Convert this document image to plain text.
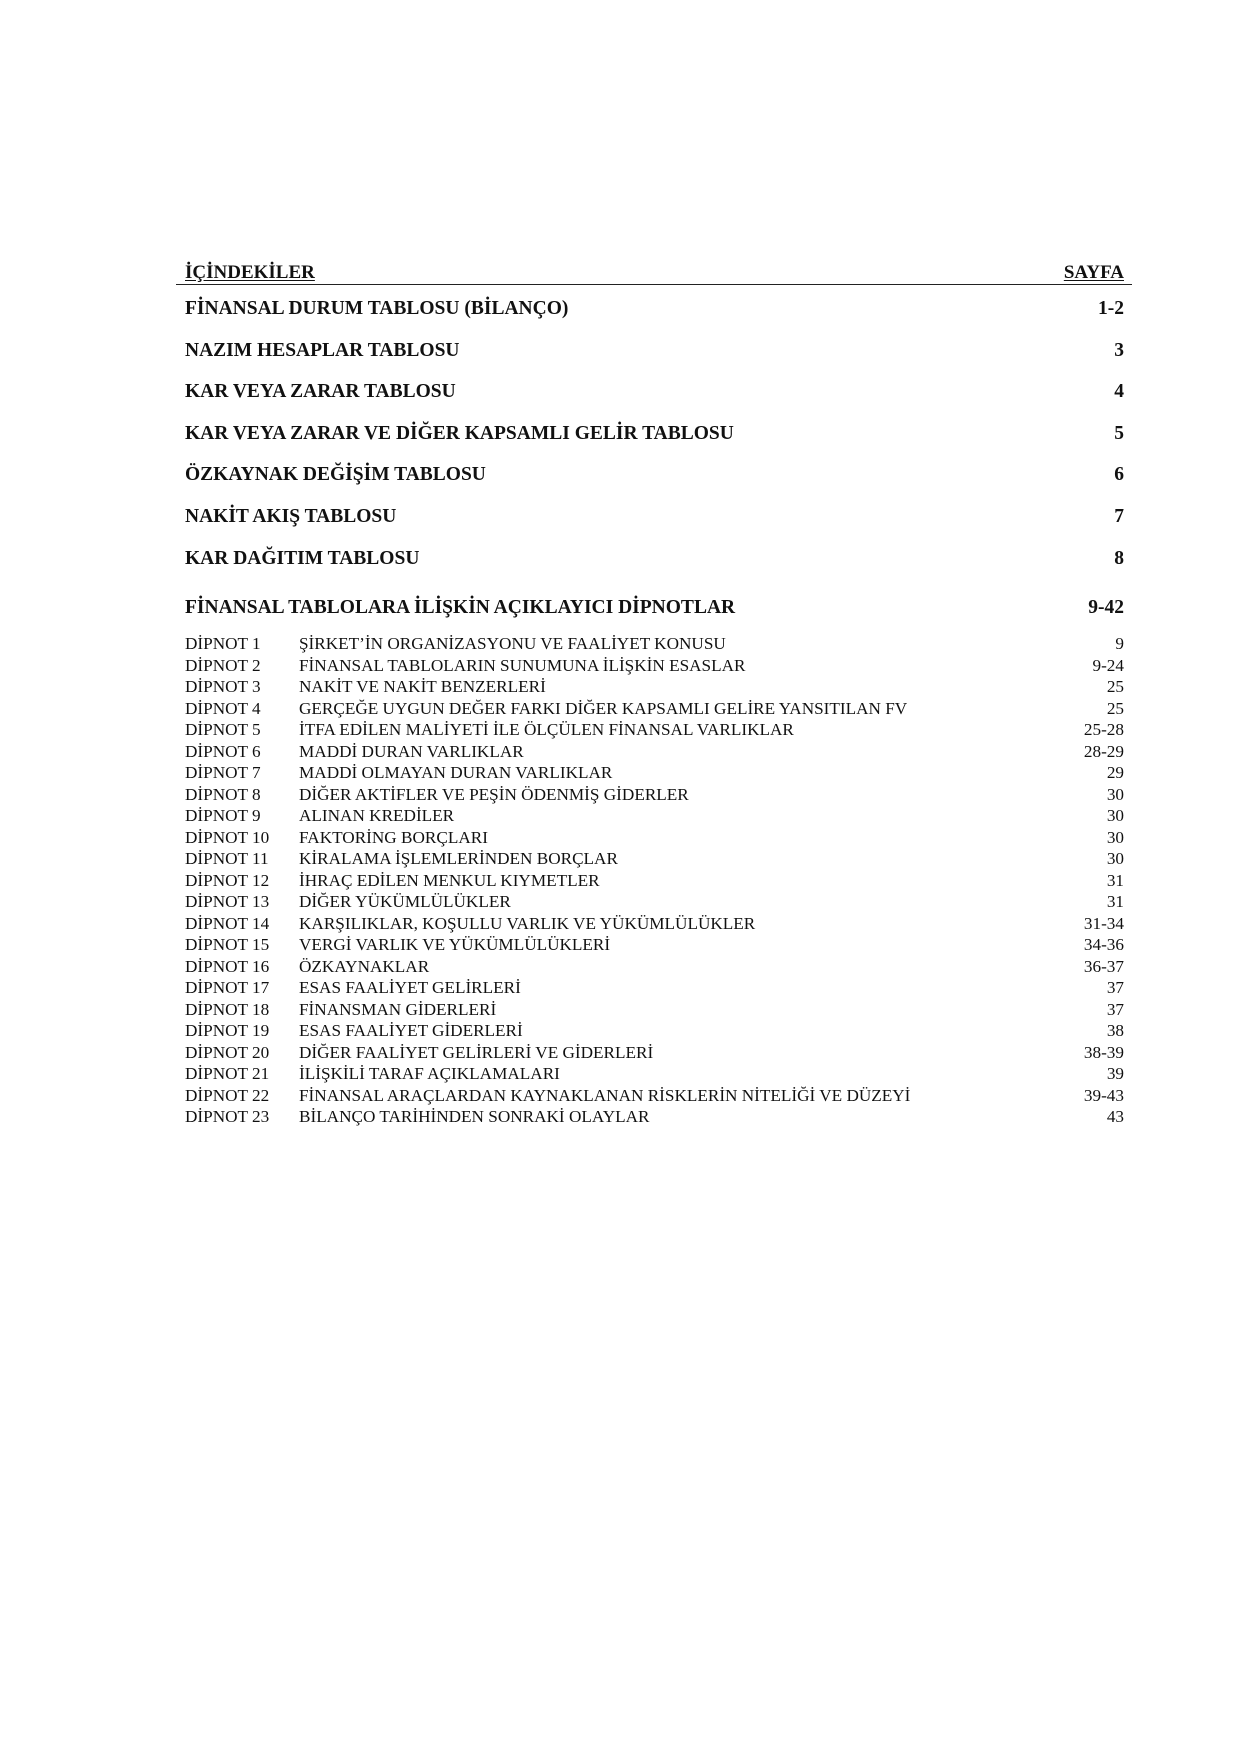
İÇİNDEKİLER	SAYFA
FİNANSAL DURUM TABLOSU (BİLANÇO)	1-2
NAZIM HESAPLAR TABLOSU	3
KAR VEYA ZARAR TABLOSU	4
KAR VEYA ZARAR VE DİĞER KAPSAMLI GELİR TABLOSU	5
ÖZKAYNAK DEĞİŞİM TABLOSU	6
NAKİT AKIŞ TABLOSU	7
KAR DAĞITIM TABLOSU	8
FİNANSAL TABLOLARA İLİŞKİN AÇIKLAYICI DİPNOTLAR	9-42
DİPNOT 1	ŞİRKET’İN ORGANİZASYONU VE FAALİYET KONUSU	9
DİPNOT 2	FİNANSAL TABLOLARIN SUNUMUNA İLİŞKİN ESASLAR	9-24
DİPNOT 3	NAKİT VE NAKİT BENZERLERİ	25
DİPNOT 4	GERÇEĞE UYGUN DEĞER FARKI DİĞER KAPSAMLI GELİRE YANSITILAN FV	25
DİPNOT 5	İTFA EDİLEN MALİYETİ İLE ÖLÇÜLEN FİNANSAL VARLIKLAR	25-28
DİPNOT 6	MADDİ DURAN VARLIKLAR	28-29
DİPNOT 7	MADDİ OLMAYAN DURAN VARLIKLAR	29
DİPNOT 8	DİĞER AKTİFLER VE PEŞİN ÖDENMİŞ GİDERLER	30
DİPNOT 9	ALINAN KREDİLER	30
DİPNOT 10	FAKTORİNG BORÇLARI	30
DİPNOT 11	KİRALAMA İŞLEMLERİNDEN BORÇLAR	30
DİPNOT 12	İHRAÇ EDİLEN MENKUL KIYMETLER	31
DİPNOT 13	DİĞER YÜKÜMLÜLÜKLER	31
DİPNOT 14	KARŞILIKLAR, KOŞULLU VARLIK VE YÜKÜMLÜLÜKLER	31-34
DİPNOT 15	VERGİ VARLIK VE YÜKÜMLÜLÜKLERİ	34-36
DİPNOT 16	ÖZKAYNAKLAR	36-37
DİPNOT 17	ESAS FAALİYET GELİRLERİ	37
DİPNOT 18	FİNANSMAN GİDERLERİ	37
DİPNOT 19	ESAS FAALİYET GİDERLERİ	38
DİPNOT 20	DİĞER FAALİYET GELİRLERİ VE GİDERLERİ	38-39
DİPNOT 21	İLİŞKİLİ TARAF AÇIKLAMALARI	39
DİPNOT 22	FİNANSAL ARAÇLARDAN KAYNAKLANAN RİSKLERİN NİTELİĞİ VE DÜZEYİ	39-43
DİPNOT 23	BİLANÇO TARİHİNDEN SONRAKİ OLAYLAR	43
